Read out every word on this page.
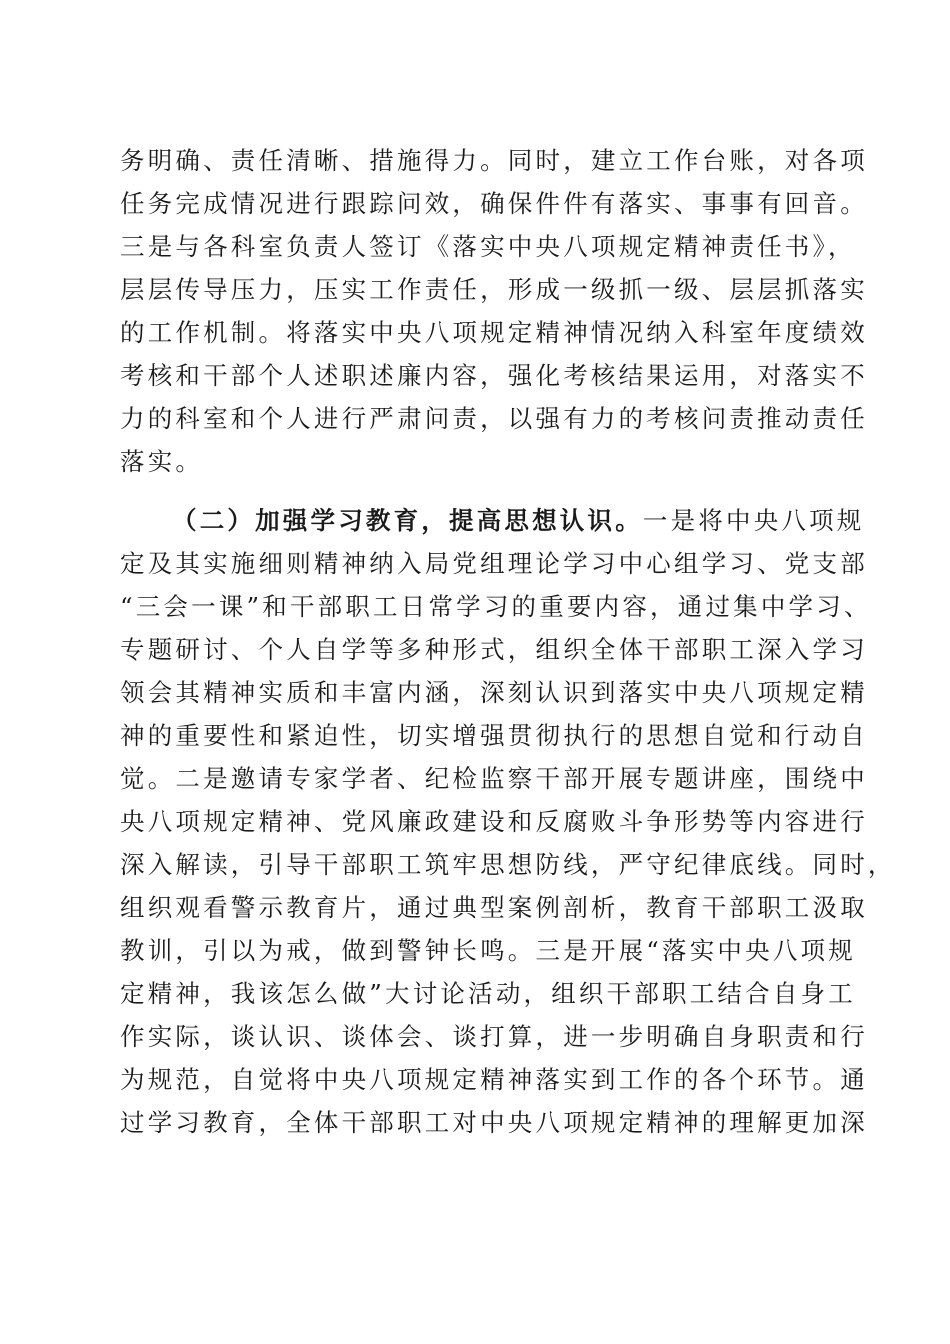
务明确、责任清晰、措施得力。同时，建立工作台账，对各项
任务完成情况进行跟踪问效，确保件件有落实、事事有回音。
三是与各科室负责人签订《落实中央八项规定精神责任书》，
层层传导压力，压实工作责任，形成一级抓一级、层层抓落实
的工作机制。将落实中央八项规定精神情况纳入科室年度绩效
考核和干部个人述职述廉内容，强化考核结果运用，对落实不
力的科室和个人进行严肃问责，以强有力的考核问责推动责任
落实。
（二）加强学习教育，提高思想认识。一是将中央八项规
定及其实施细则精神纳入局党组理论学习中心组学习、党支部
“三会一课”和干部职工日常学习的重要内容，通过集中学习、
专题研讨、个人自学等多种形式，组织全体干部职工深入学习
领会其精神实质和丰富内涵，深刻认识到落实中央八项规定精
神的重要性和紧迫性，切实增强贯彻执行的思想自觉和行动自
觉。二是邀请专家学者、纪检监察干部开展专题讲座，围绕中
央八项规定精神、党风廉政建设和反腐败斗争形势等内容进行
深入解读，引导干部职工筑牢思想防线，严守纪律底线。同时，
组织观看警示教育片，通过典型案例剖析，教育干部职工汲取
教训，引以为戒，做到警钟长鸣。三是开展“落实中央八项规
定精神，我该怎么做”大讨论活动，组织干部职工结合自身工
作实际，谈认识、谈体会、谈打算，进一步明确自身职责和行
为规范，自觉将中央八项规定精神落实到工作的各个环节。通
过学习教育，全体干部职工对中央八项规定精神的理解更加深
